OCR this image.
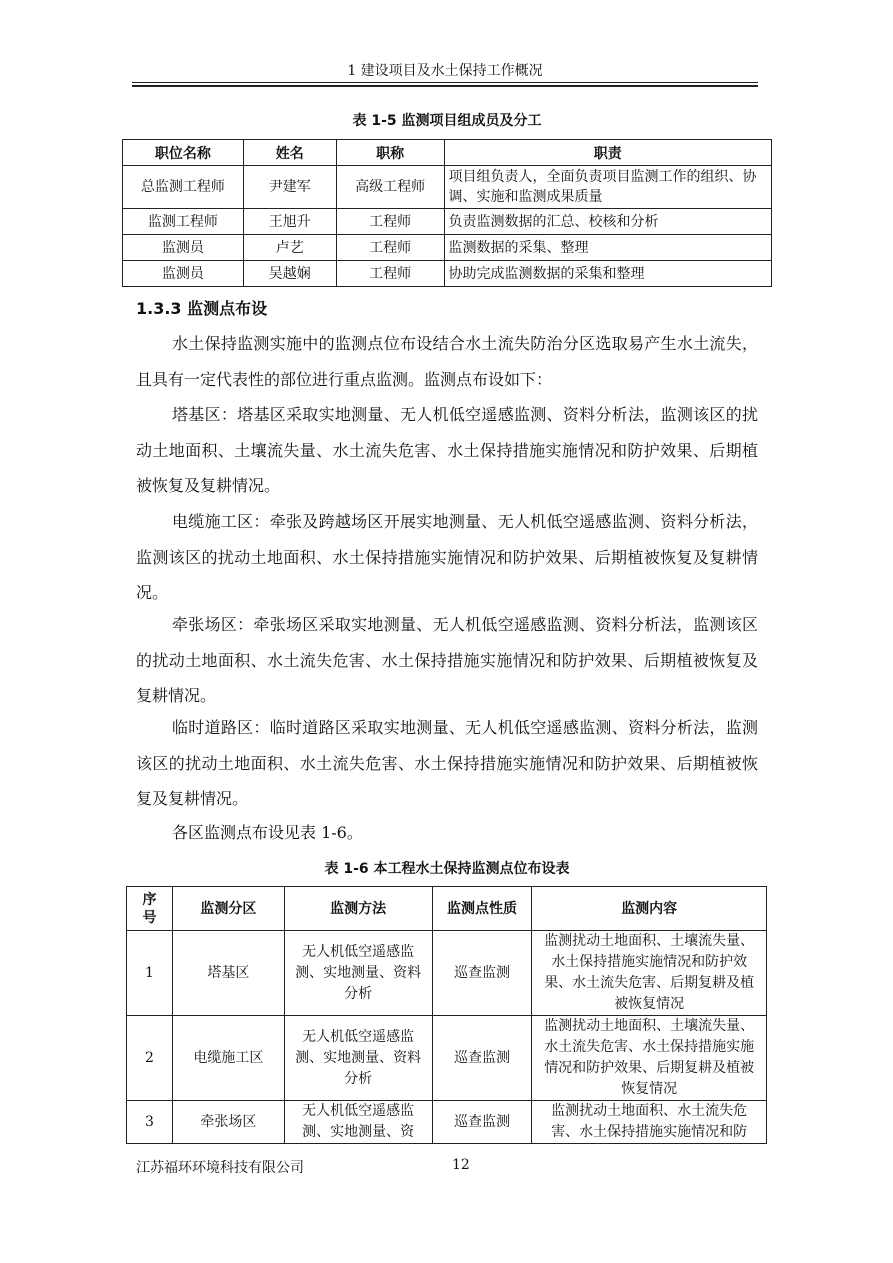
1 建设项目及水土保持工作概况
表 1-5 监测项目组成员及分工
职位名称	姓名	职称	职责
总监测工程师	尹建军	高级工程师	项目组负责人，全面负责项目监测工作的组织、协调、实施和监测成果质量
监测工程师	王旭升	工程师	负责监测数据的汇总、校核和分析
监测员	卢艺	工程师	监测数据的采集、整理
监测员	吴越娴	工程师	协助完成监测数据的采集和整理
1.3.3 监测点布设

水土保持监测实施中的监测点位布设结合水土流失防治分区选取易产生水土流失，且具有一定代表性的部位进行重点监测。监测点布设如下：

塔基区：塔基区采取实地测量、无人机低空遥感监测、资料分析法，监测该区的扰动土地面积、土壤流失量、水土流失危害、水土保持措施实施情况和防护效果、后期植被恢复及复耕情况。

电缆施工区：牵张及跨越场区开展实地测量、无人机低空遥感监测、资料分析法，监测该区的扰动土地面积、水土保持措施实施情况和防护效果、后期植被恢复及复耕情况。

牵张场区：牵张场区采取实地测量、无人机低空遥感监测、资料分析法，监测该区的扰动土地面积、水土流失危害、水土保持措施实施情况和防护效果、后期植被恢复及复耕情况。

临时道路区：临时道路区采取实地测量、无人机低空遥感监测、资料分析法，监测该区的扰动土地面积、水土流失危害、水土保持措施实施情况和防护效果、后期植被恢复及复耕情况。

各区监测点布设见表 1-6。

表 1-6 本工程水土保持监测点位布设表
序号	监测分区	监测方法	监测点性质	监测内容
1	塔基区	无人机低空遥感监测、实地测量、资料分析	巡查监测	监测扰动土地面积、土壤流失量、水土保持措施实施情况和防护效果、水土流失危害、后期复耕及植被恢复情况
2	电缆施工区	无人机低空遥感监测、实地测量、资料分析	巡查监测	监测扰动土地面积、土壤流失量、水土流失危害、水土保持措施实施情况和防护效果、后期复耕及植被恢复情况
3	牵张场区	无人机低空遥感监测、实地测量、资	巡查监测	监测扰动土地面积、水土流失危害、水土保持措施实施情况和防
江苏福环环境科技有限公司	12
